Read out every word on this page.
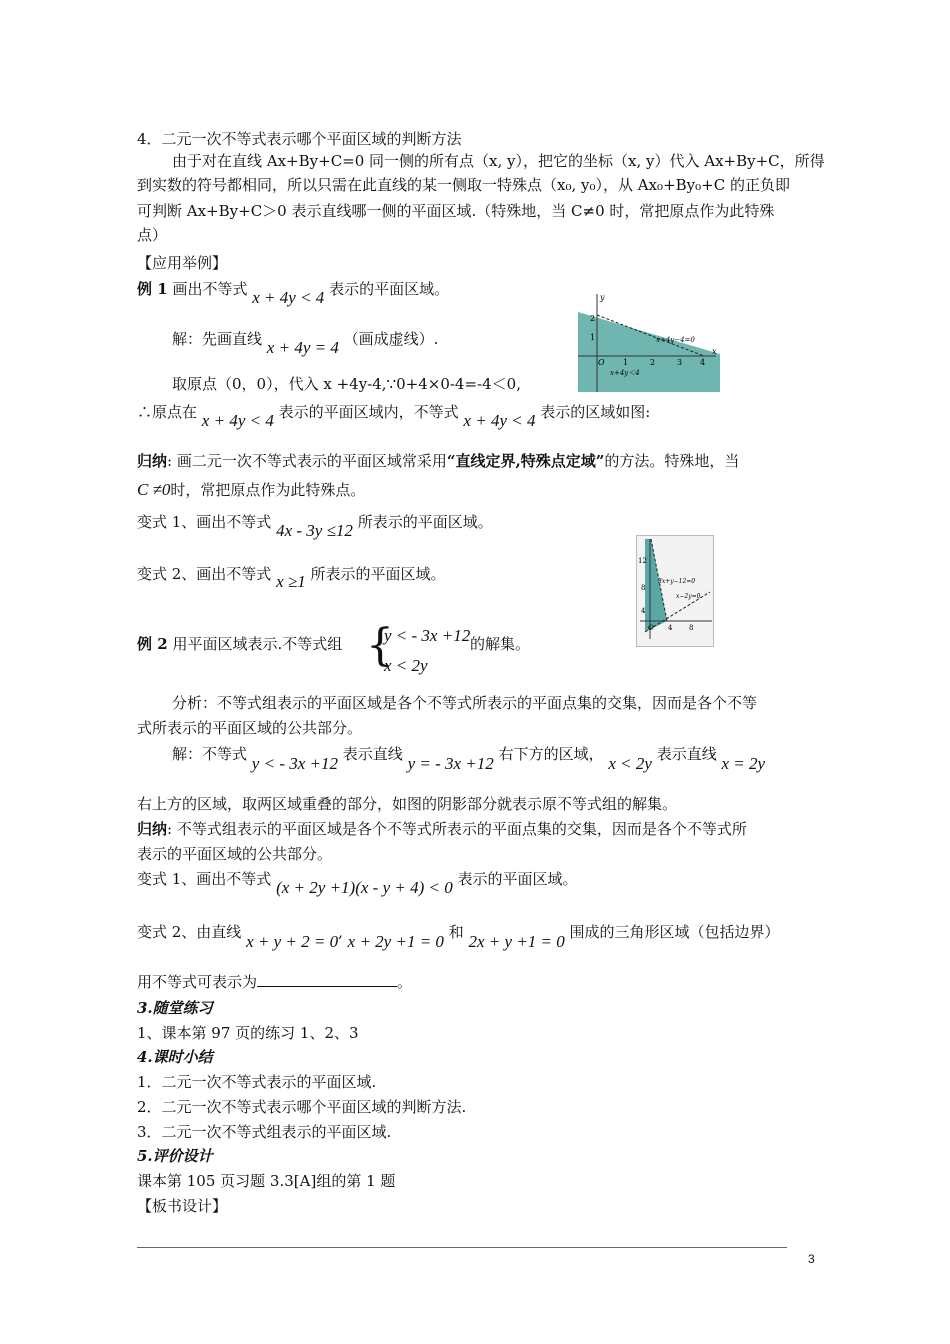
4．二元一次不等式表示哪个平面区域的判断方法
由于对在直线 Ax+By+C=0 同一侧的所有点（x, y），把它的坐标（x, y）代入 Ax+By+C，所得
到实数的符号都相同，所以只需在此直线的某一侧取一特殊点（x₀, y₀），从 Ax₀+By₀+C 的正负即
可判断 Ax+By+C＞0 表示直线哪一侧的平面区域.（特殊地，当 C≠0 时，常把原点作为此特殊
点）
【应用举例】
例 1 画出不等式 x + 4y < 4 表示的平面区域。
解：先画直线 x + 4y = 4 （画成虚线）.
取原点（0，0），代入 x +4y-4,∵0+4×0-4=-4＜0,
∴原点在 x + 4y < 4 表示的平面区域内，不等式 x + 4y < 4 表示的区域如图:
归纳: 画二元一次不等式表示的平面区域常采用“直线定界,特殊点定域”的方法。特殊地，当
C ≠0时，常把原点作为此特殊点。
变式 1、画出不等式 4x - 3y ≤12 所表示的平面区域。
变式 2、画出不等式 x ≥1 所表示的平面区域。
例 2 用平面区域表示.不等式组 {
y < - 3x +12
x < 2y
的解集。
分析：不等式组表示的平面区域是各个不等式所表示的平面点集的交集，因而是各个不等
式所表示的平面区域的公共部分。
解：不等式 y < - 3x +12 表示直线 y = - 3x +12 右下方的区域， x < 2y 表示直线 x = 2y
右上方的区域，取两区域重叠的部分，如图的阴影部分就表示原不等式组的解集。
归纳: 不等式组表示的平面区域是各个不等式所表示的平面点集的交集，因而是各个不等式所
表示的平面区域的公共部分。
变式 1、画出不等式 (x + 2y +1)(x - y + 4) < 0 表示的平面区域。
变式 2、由直线 x + y + 2 = 0, x + 2y +1 = 0 和 2x + y +1 = 0 围成的三角形区域（包括边界）
用不等式可表示为	。
3.随堂练习
1、课本第 97 页的练习 1、2、3
4.课时小结
1．二元一次不等式表示的平面区域.
2．二元一次不等式表示哪个平面区域的判断方法.
3．二元一次不等式组表示的平面区域.
5.评价设计
课本第 105 页习题 3.3[A]组的第 1 题
【板书设计】
y
x
2
1
O 1	2	3 4
x+4y−4=0
x+4y＜4
12
8
4
O 4 8
3x+y−12=0
x−2y=0
3
